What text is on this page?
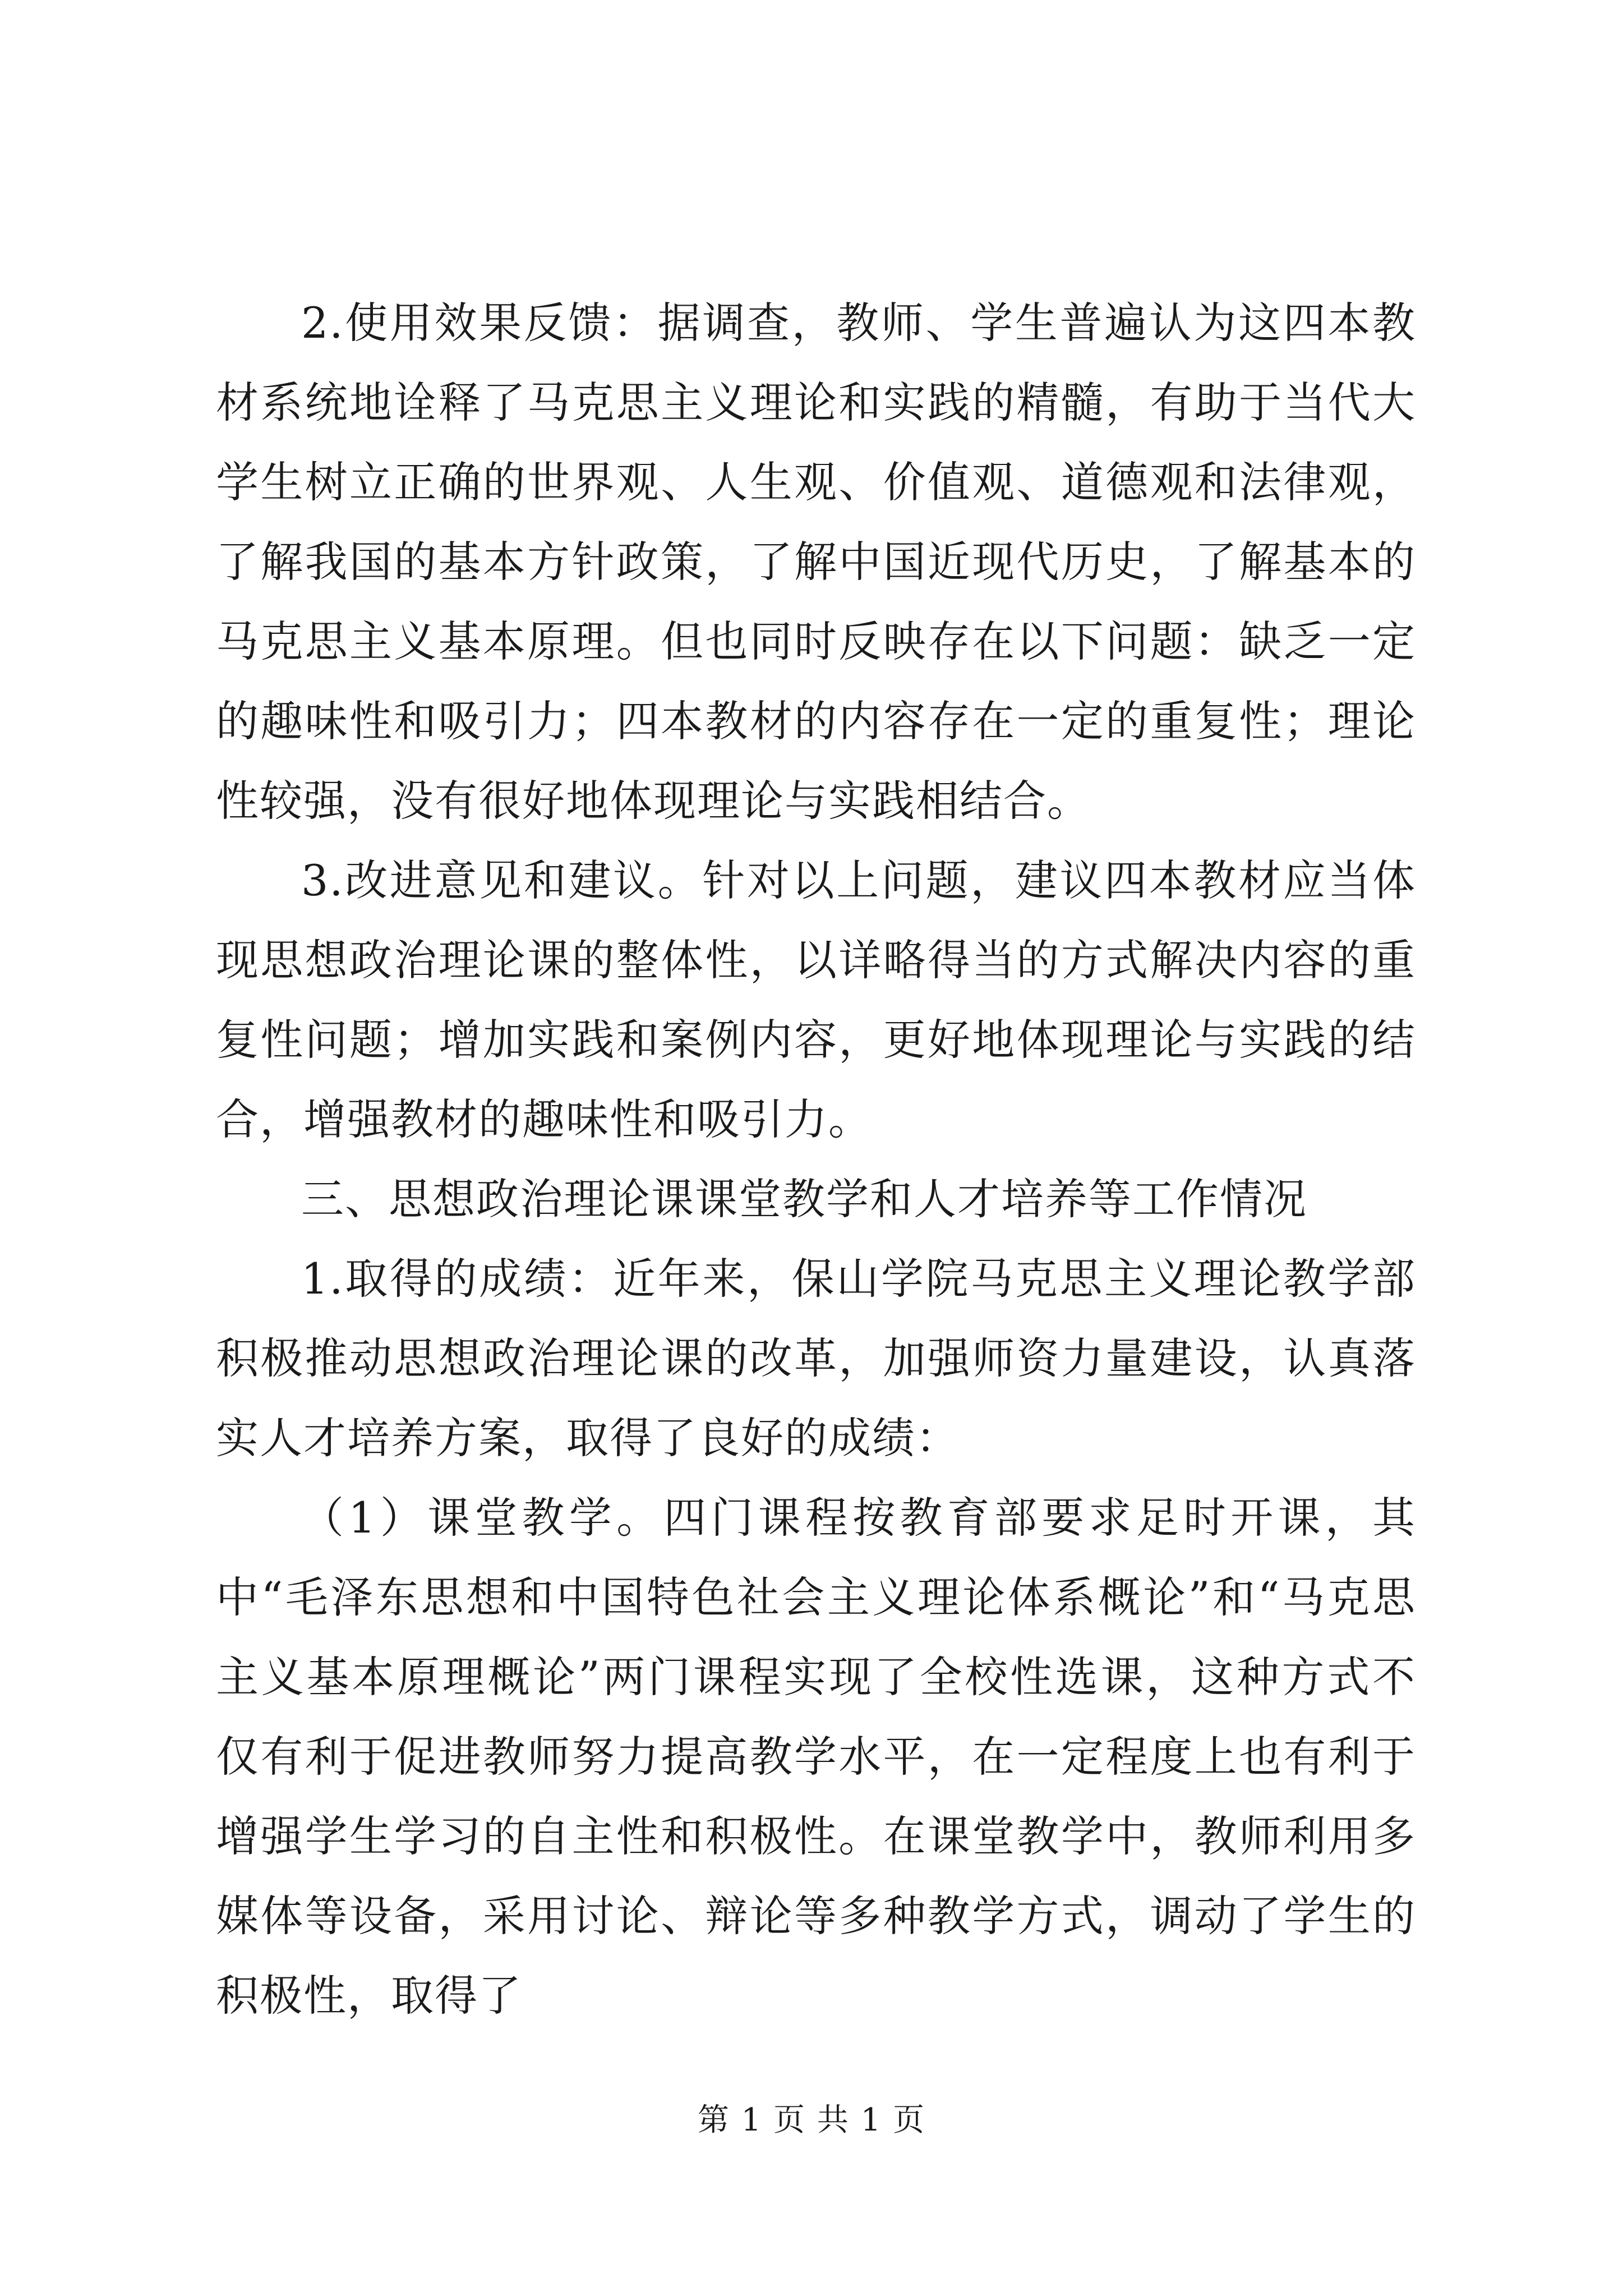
2.使用效果反馈：据调查，教师、学生普遍认为这四本教材系统地诠释了马克思主义理论和实践的精髓，有助于当代大学生树立正确的世界观、人生观、价值观、道德观和法律观，了解我国的基本方针政策，了解中国近现代历史，了解基本的马克思主义基本原理。但也同时反映存在以下问题：缺乏一定的趣味性和吸引力；四本教材的内容存在一定的重复性；理论性较强，没有很好地体现理论与实践相结合。

3.改进意见和建议。针对以上问题，建议四本教材应当体现思想政治理论课的整体性，以详略得当的方式解决内容的重复性问题；增加实践和案例内容，更好地体现理论与实践的结合，增强教材的趣味性和吸引力。

三、思想政治理论课课堂教学和人才培养等工作情况

1.取得的成绩：近年来，保山学院马克思主义理论教学部积极推动思想政治理论课的改革，加强师资力量建设，认真落实人才培养方案，取得了良好的成绩：

（1）课堂教学。四门课程按教育部要求足时开课，其中“毛泽东思想和中国特色社会主义理论体系概论”和“马克思主义基本原理概论”两门课程实现了全校性选课，这种方式不仅有利于促进教师努力提高教学水平，在一定程度上也有利于增强学生学习的自主性和积极性。在课堂教学中，教师利用多媒体等设备，采用讨论、辩论等多种教学方式，调动了学生的积极性，取得了

第 1 页 共 1 页
